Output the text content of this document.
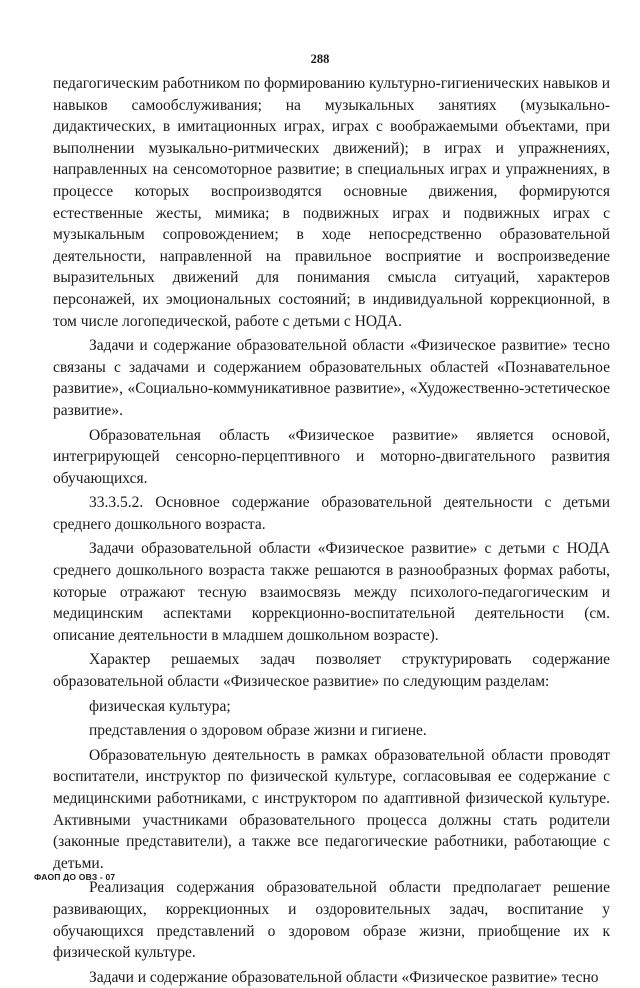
288

педагогическим работником по формированию культурно-гигиенических навыков и навыков самообслуживания; на музыкальных занятиях (музыкально-дидактических, в имитационных играх, играх с воображаемыми объектами, при выполнении музыкально-ритмических движений); в играх и упражнениях, направленных на сенсомоторное развитие; в специальных играх и упражнениях, в процессе которых воспроизводятся основные движения, формируются естественные жесты, мимика; в подвижных играх и подвижных играх с музыкальным сопровождением; в ходе непосредственно образовательной деятельности, направленной на правильное восприятие и воспроизведение выразительных движений для понимания смысла ситуаций, характеров персонажей, их эмоциональных состояний; в индивидуальной коррекционной, в том числе логопедической, работе с детьми с НОДА.

Задачи и содержание образовательной области «Физическое развитие» тесно связаны с задачами и содержанием образовательных областей «Познавательное развитие», «Социально-коммуникативное развитие», «Художественно-эстетическое развитие».

Образовательная область «Физическое развитие» является основой, интегрирующей сенсорно-перцептивного и моторно-двигательного развития обучающихся.

33.3.5.2. Основное содержание образовательной деятельности с детьми среднего дошкольного возраста.

Задачи образовательной области «Физическое развитие» с детьми с НОДА среднего дошкольного возраста также решаются в разнообразных формах работы, которые отражают тесную взаимосвязь между психолого-педагогическим и медицинским аспектами коррекционно-воспитательной деятельности (см. описание деятельности в младшем дошкольном возрасте).

Характер решаемых задач позволяет структурировать содержание образовательной области «Физическое развитие» по следующим разделам:

физическая культура;

представления о здоровом образе жизни и гигиене.

Образовательную деятельность в рамках образовательной области проводят воспитатели, инструктор по физической культуре, согласовывая ее содержание с медицинскими работниками, с инструктором по адаптивной физической культуре. Активными участниками образовательного процесса должны стать родители (законные представители), а также все педагогические работники, работающие с детьми.

Реализация содержания образовательной области предполагает решение развивающих, коррекционных и оздоровительных задач, воспитание у обучающихся представлений о здоровом образе жизни, приобщение их к физической культуре.

Задачи и содержание образовательной области «Физическое развитие» тесно

ФАОП ДО ОВЗ - 07
